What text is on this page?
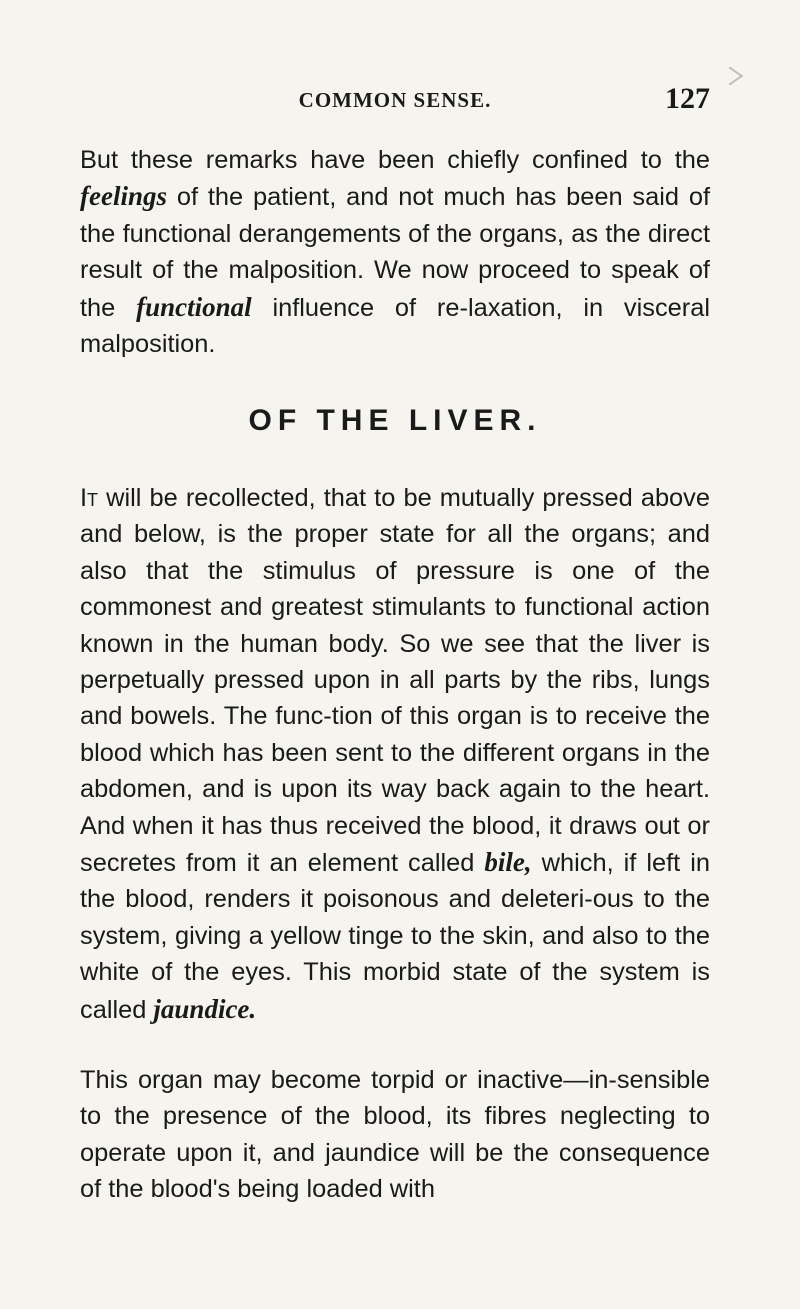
COMMON SENSE.	127

But these remarks have been chiefly confined to the feelings of the patient, and not much has been said of the functional derangements of the organs, as the direct result of the malposition. We now proceed to speak of the functional influence of re-laxation, in visceral malposition.

OF THE LIVER.

It will be recollected, that to be mutually pressed above and below, is the proper state for all the organs; and also that the stimulus of pressure is one of the commonest and greatest stimulants to functional action known in the human body. So we see that the liver is perpetually pressed upon in all parts by the ribs, lungs and bowels. The func-tion of this organ is to receive the blood which has been sent to the different organs in the abdomen, and is upon its way back again to the heart. And when it has thus received the blood, it draws out or secretes from it an element called bile, which, if left in the blood, renders it poisonous and deleteri-ous to the system, giving a yellow tinge to the skin, and also to the white of the eyes. This morbid state of the system is called jaundice.

This organ may become torpid or inactive—in-sensible to the presence of the blood, its fibres neglecting to operate upon it, and jaundice will be the consequence of the blood's being loaded with
